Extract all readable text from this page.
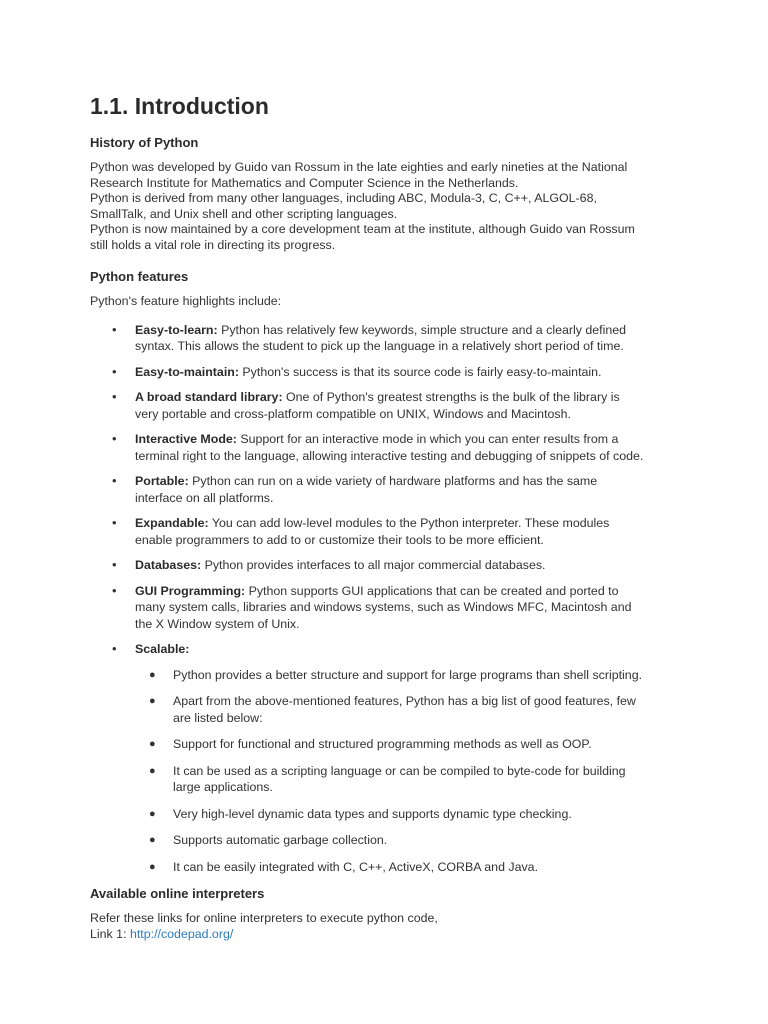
1.1. Introduction
History of Python
Python was developed by Guido van Rossum in the late eighties and early nineties at the National
Research Institute for Mathematics and Computer Science in the Netherlands.
Python is derived from many other languages, including ABC, Modula-3, C, C++, ALGOL-68,
SmallTalk, and Unix shell and other scripting languages.
Python is now maintained by a core development team at the institute, although Guido van Rossum
still holds a vital role in directing its progress.
Python features
Python's feature highlights include:
• Easy-to-learn: Python has relatively few keywords, simple structure and a clearly defined
syntax. This allows the student to pick up the language in a relatively short period of time.
• Easy-to-maintain: Python's success is that its source code is fairly easy-to-maintain.
• A broad standard library: One of Python's greatest strengths is the bulk of the library is
very portable and cross-platform compatible on UNIX, Windows and Macintosh.
• Interactive Mode: Support for an interactive mode in which you can enter results from a
terminal right to the language, allowing interactive testing and debugging of snippets of code.
• Portable: Python can run on a wide variety of hardware platforms and has the same
interface on all platforms.
• Expandable: You can add low-level modules to the Python interpreter. These modules
enable programmers to add to or customize their tools to be more efficient.
• Databases: Python provides interfaces to all major commercial databases.
• GUI Programming: Python supports GUI applications that can be created and ported to
many system calls, libraries and windows systems, such as Windows MFC, Macintosh and
the X Window system of Unix.
• Scalable:
● Python provides a better structure and support for large programs than shell scripting.
● Apart from the above-mentioned features, Python has a big list of good features, few
are listed below:
● Support for functional and structured programming methods as well as OOP.
● It can be used as a scripting language or can be compiled to byte-code for building
large applications.
● Very high-level dynamic data types and supports dynamic type checking.
● Supports automatic garbage collection.
● It can be easily integrated with C, C++, ActiveX, CORBA and Java.
Available online interpreters
Refer these links for online interpreters to execute python code,
Link 1: http://codepad.org/
